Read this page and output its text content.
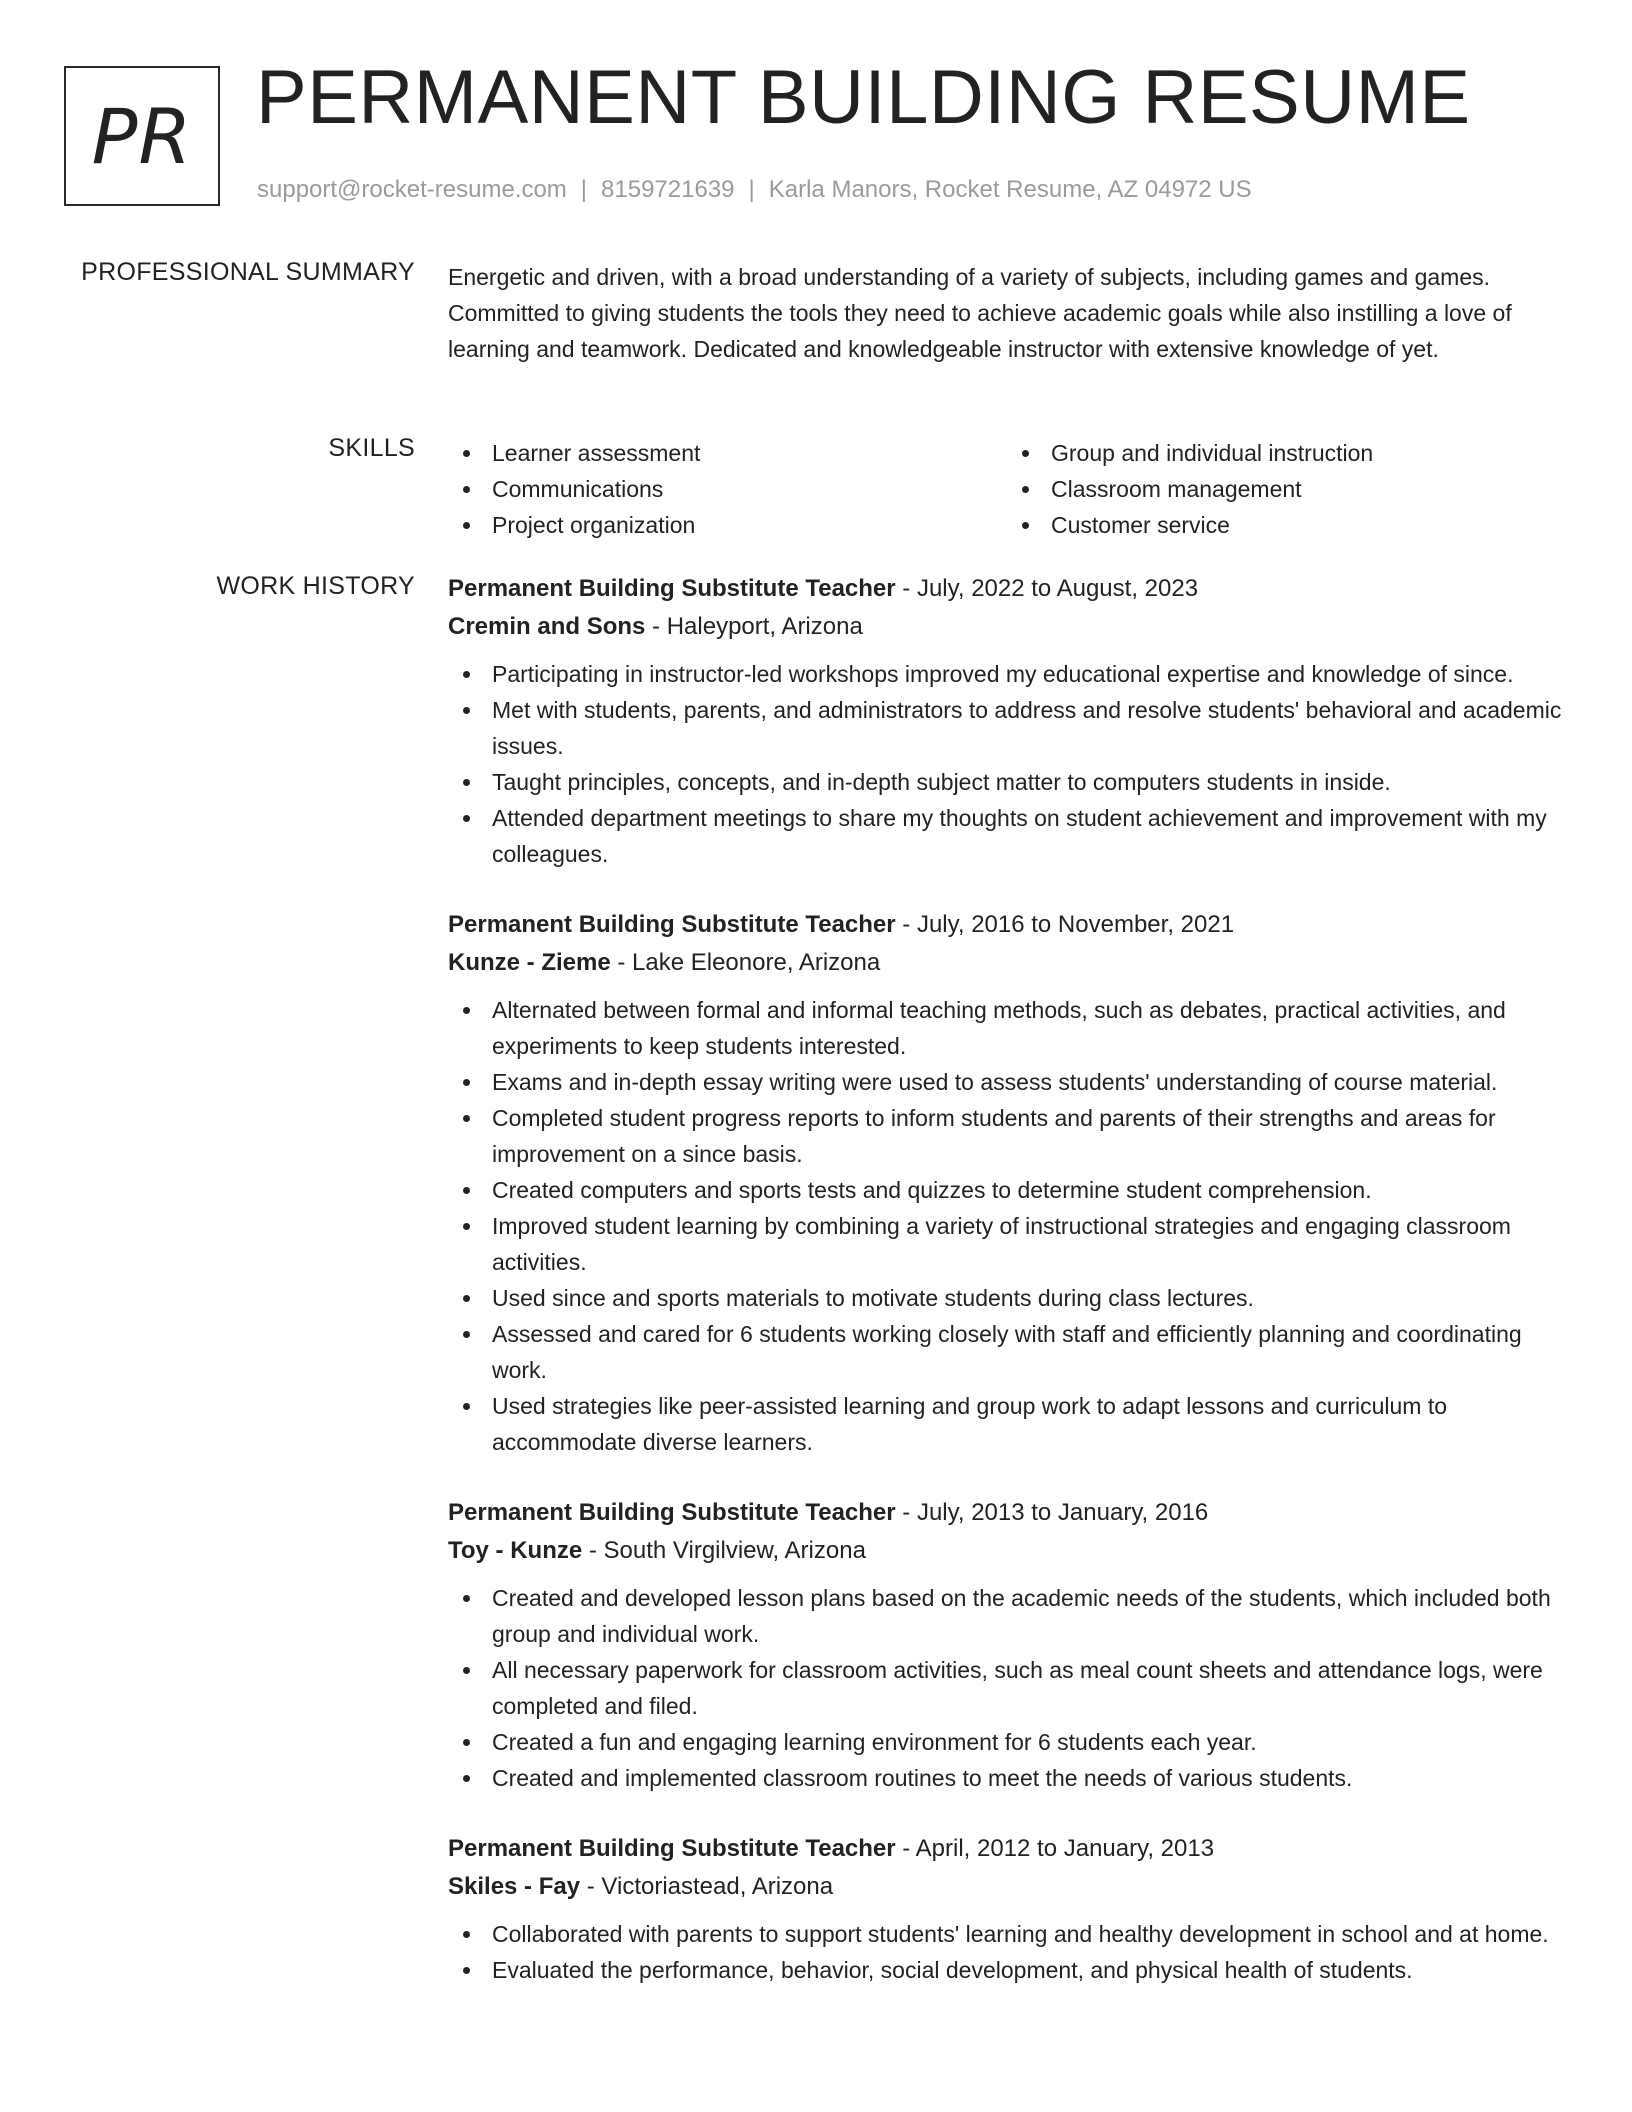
PR PERMANENT BUILDING RESUME
support@rocket-resume.com | 8159721639 | Karla Manors, Rocket Resume, AZ 04972 US
PROFESSIONAL SUMMARY Energetic and driven, with a broad understanding of a variety of subjects, including games and games. Committed to giving students the tools they need to achieve academic goals while also instilling a love of learning and teamwork. Dedicated and knowledgeable instructor with extensive knowledge of yet.
SKILLS	Learner assessment
Communications
Project organization
Group and individual instruction
Classroom management
Customer service
WORK HISTORY Permanent Building Substitute Teacher - July, 2022 to August, 2023
Cremin and Sons - Haleyport, Arizona
Participating in instructor-led workshops improved my educational expertise and knowledge of since.
Met with students, parents, and administrators to address and resolve students' behavioral and academic issues.
Taught principles, concepts, and in-depth subject matter to computers students in inside.
Attended department meetings to share my thoughts on student achievement and improvement with my colleagues.
Permanent Building Substitute Teacher - July, 2016 to November, 2021
Kunze - Zieme - Lake Eleonore, Arizona
Alternated between formal and informal teaching methods, such as debates, practical activities, and experiments to keep students interested.
Exams and in-depth essay writing were used to assess students' understanding of course material.
Completed student progress reports to inform students and parents of their strengths and areas for improvement on a since basis.
Created computers and sports tests and quizzes to determine student comprehension.
Improved student learning by combining a variety of instructional strategies and engaging classroom activities.
Used since and sports materials to motivate students during class lectures.
Assessed and cared for 6 students working closely with staff and efficiently planning and coordinating work.
Used strategies like peer-assisted learning and group work to adapt lessons and curriculum to accommodate diverse learners.
Permanent Building Substitute Teacher - July, 2013 to January, 2016
Toy - Kunze - South Virgilview, Arizona
Created and developed lesson plans based on the academic needs of the students, which included both group and individual work.
All necessary paperwork for classroom activities, such as meal count sheets and attendance logs, were completed and filed.
Created a fun and engaging learning environment for 6 students each year.
Created and implemented classroom routines to meet the needs of various students.
Permanent Building Substitute Teacher - April, 2012 to January, 2013
Skiles - Fay - Victoriastead, Arizona
Collaborated with parents to support students' learning and healthy development in school and at home.
Evaluated the performance, behavior, social development, and physical health of students.
